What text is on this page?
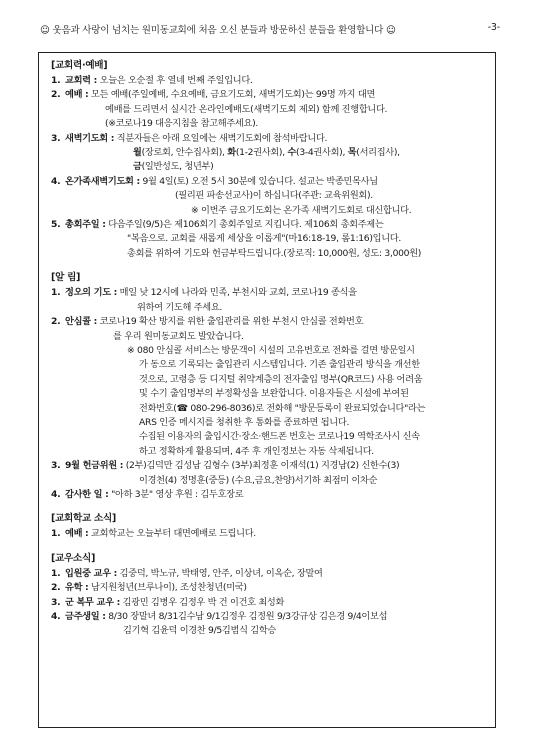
☺ 웃음과 사랑이 넘치는 원미동교회에 처음 오신 분들과 방문하신 분들을 환영합니다 ☺	-3-
[교회력·예배]
1. 교회력 : 오늘은 오순절 후 열네 번째 주일입니다.
2. 예배 : 모든 예배(주일예배, 수요예배, 금요기도회, 새벽기도회)는 99명 까지 대면
예배를 드리면서 실시간 온라인예배도(새벽기도회 제외) 함께 진행합니다.
(※코로나19 대응지침을 참고해주세요).
3. 새벽기도회 : 직분자들은 아래 요일에는 새벽기도회에 참석바랍니다.
월(장로회, 안수집사회), 화(1-2권사회), 수(3-4권사회), 목(서리집사),
금(일반성도, 청년부)
4. 온가족새벽기도회 : 9월 4일(토) 오전 5시 30분에 있습니다. 설교는 박종민목사님
(필리핀 파송선교사)이 하십니다(주관: 교육위원회).
※ 이번주 금요기도회는 온가족 새벽기도회로 대신합니다.
5. 총회주일 : 다음주일(9/5)은 제106회기 총회주일로 지킵니다. 제106회 총회주제는
"복음으로. 교회를 새롭게 세상을 이롭게"(마16:18-19, 롬1:16)입니다.
총회를 위하여 기도와 헌금부탁드립니다.(장로직: 10,000원, 성도: 3,000원)
[알 림]
1. 정오의 기도 : 매일 낮 12시에 나라와 민족, 부천시와 교회, 코로나19 종식을
위하여 기도해 주세요.
2. 안심콜 : 코로나19 확산 방지를 위한 출입관리를 위한 부천시 안심콜 전화번호
를 우리 원미동교회도 발았습니다.
※ 080 안심콜 서비스는 방문객이 시설의 고유번호로 전화를 걸면 방문일시
가 동으로 기록되는 출입관리 시스템입니다. 기존 출입관리 방식을 개선한
것으로, 고령층 등 디지털 취약계층의 전자출입 명부(QR코드) 사용 어려움
및 수기 출입명부의 부정확성을 보완합니다. 이용자들은 시설에 부여된
전화번호(☎ 080-296-8036)로 전화해 "방문등록이 완료되었습니다"라는
ARS 인증 메시지를 청취한 후 통화를 종료하면 됩니다.
수집된 이용자의 출입시간·장소·핸드폰 번호는 코로나19 역학조사시 신속
하고 정확하게 활용되며, 4주 후 개인정보는 자동 삭제됩니다.
3. 9월 헌금위원 : (2부)김덕만 김성남 김형수 (3부)최정훈 이재석(1) 지경남(2) 신한수(3)
이경천(4) 정명훈(중등) (수요,금요,찬양)서기하 최점미 이차순
4. 감사한 일 : "아하 3분" 영상 후원 : 김두호장로
[교회학교 소식]
1. 예배 : 교회학교는 오늘부터 대면예배로 드립니다.
[교우소식]
1. 입원중 교우 : 김중덕, 박노규, 박태영, 안주, 이상녀, 이옥순, 장말여
2. 유학 : 남지원청년(브루나이), 조성찬청년(미국)
3. 군 복무 교우 : 김광민 김병우 김정우 박 건 이건호 최성화
4. 금주생일 : 8/30 장말녀 8/31김수남 9/1김정우 김정원 9/3강규상 김은경 9/4이보섭
김기혁 김윤덕 이경찬 9/5김범식 김학승
